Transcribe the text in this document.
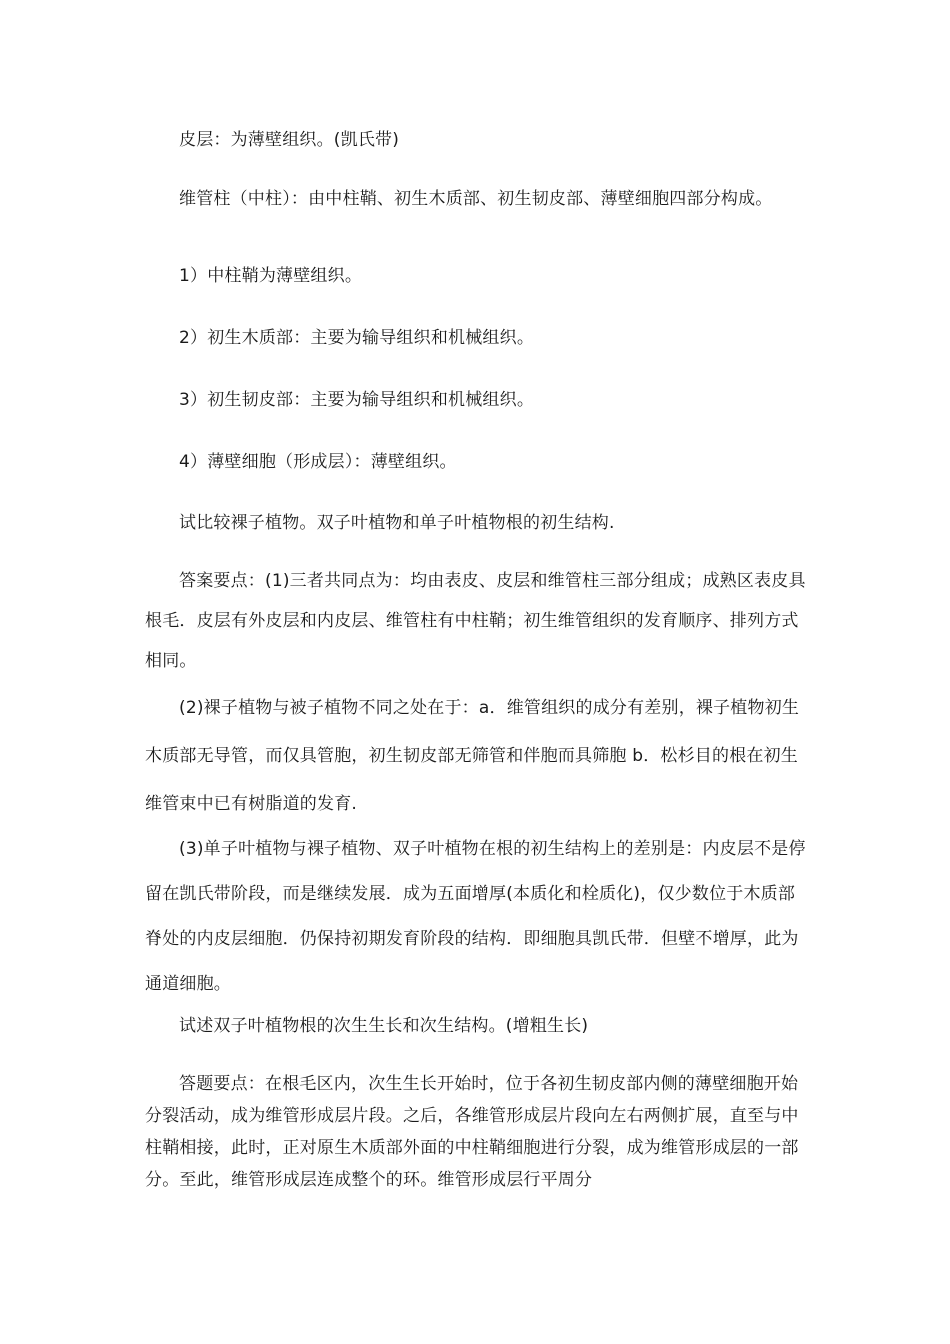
皮层：为薄壁组织。(凯氏带)

维管柱（中柱）：由中柱鞘、初生木质部、初生韧皮部、薄壁细胞四部分构成。

1）中柱鞘为薄壁组织。

2）初生木质部：主要为输导组织和机械组织。

3）初生韧皮部：主要为输导组织和机械组织。

4）薄壁细胞（形成层）：薄壁组织。

试比较裸子植物。双子叶植物和单子叶植物根的初生结构.

答案要点：(1)三者共同点为：均由表皮、皮层和维管柱三部分组成；成熟区表皮具根毛．皮层有外皮层和内皮层、维管柱有中柱鞘；初生维管组织的发育顺序、排列方式相同。

(2)裸子植物与被子植物不同之处在于：a．维管组织的成分有差别，裸子植物初生木质部无导管，而仅具管胞，初生韧皮部无筛管和伴胞而具筛胞 b．松杉目的根在初生维管束中已有树脂道的发育.

(3)单子叶植物与裸子植物、双子叶植物在根的初生结构上的差别是：内皮层不是停留在凯氏带阶段，而是继续发展．成为五面增厚(本质化和栓质化)，仅少数位于木质部脊处的内皮层细胞．仍保持初期发育阶段的结构．即细胞具凯氏带．但壁不增厚，此为通道细胞。

试述双子叶植物根的次生生长和次生结构。(增粗生长)

答题要点：在根毛区内，次生生长开始时，位于各初生韧皮部内侧的薄壁细胞开始分裂活动，成为维管形成层片段。之后，各维管形成层片段向左右两侧扩展，直至与中柱鞘相接，此时，正对原生木质部外面的中柱鞘细胞进行分裂，成为维管形成层的一部分。至此，维管形成层连成整个的环。维管形成层行平周分
